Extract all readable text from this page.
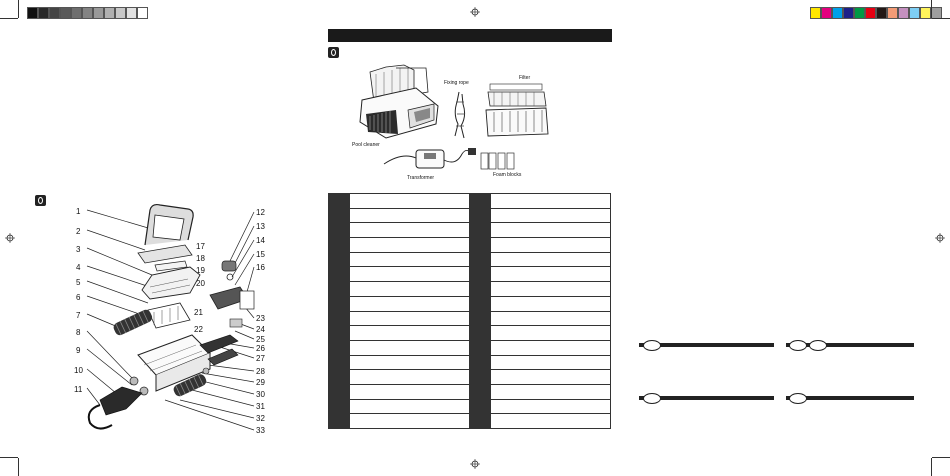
1
2
3
4
5
6
7
8
9
10
11
12
13
14
15
16
23
24
25
26
27
28
29
30
31
32
33
17
18
19
20
21
22
Pool cleaner
Fixing rope
Filter
Transformer	Foam blocks
